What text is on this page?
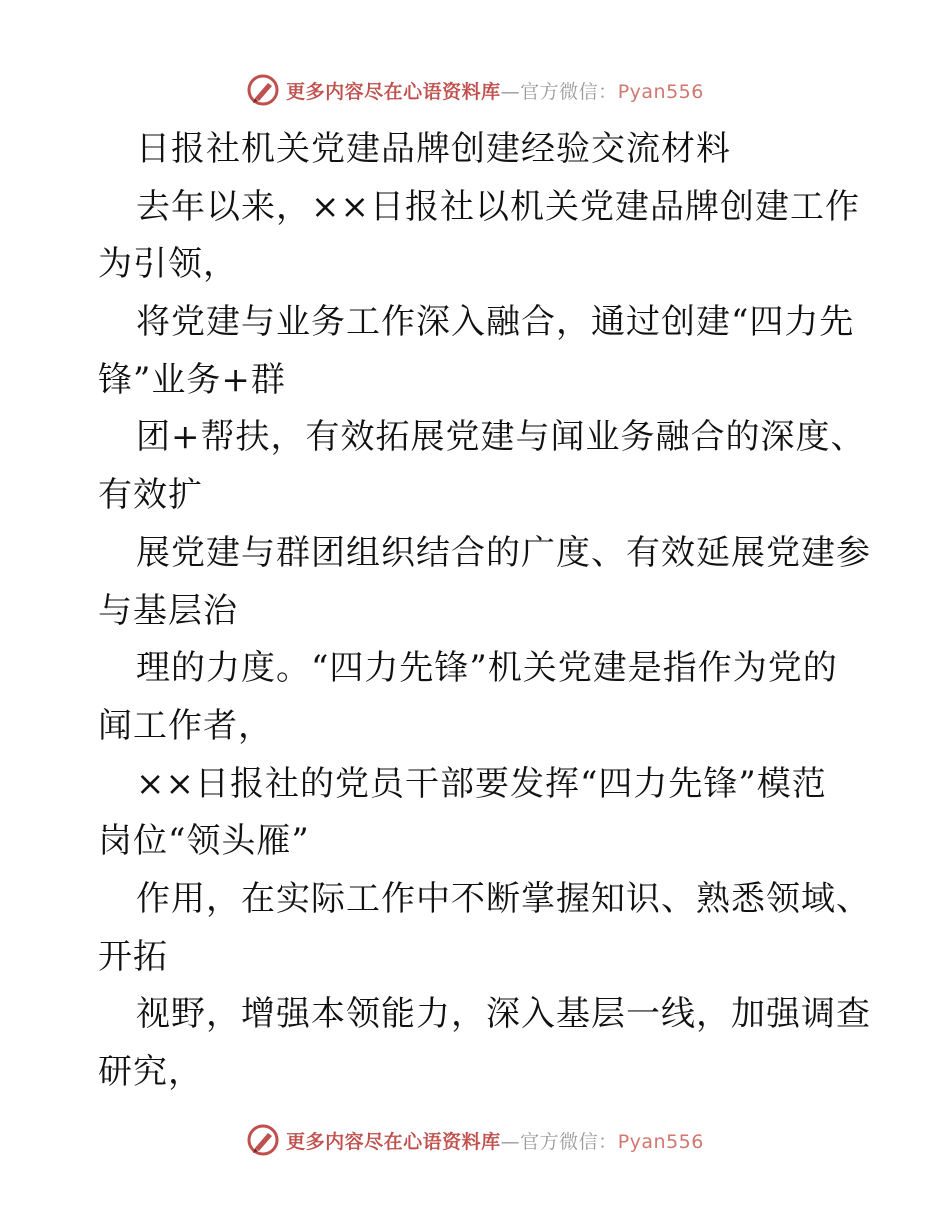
更多内容尽在心语资料库—官方微信：Pyan556
日报社机关党建品牌创建经验交流材料
去年以来，××日报社以机关党建品牌创建工作
为引领，
将党建与业务工作深入融合，通过创建“四力先
锋”业务+群
团+帮扶，有效拓展党建与闻业务融合的深度、
有效扩
展党建与群团组织结合的广度、有效延展党建参
与基层治
理的力度。“四力先锋”机关党建是指作为党的
闻工作者，
××日报社的党员干部要发挥“四力先锋”模范
岗位“领头雁”
作用，在实际工作中不断掌握知识、熟悉领域、
开拓
视野，增强本领能力，深入基层一线，加强调查
研究，
更多内容尽在心语资料库—官方微信：Pyan556
